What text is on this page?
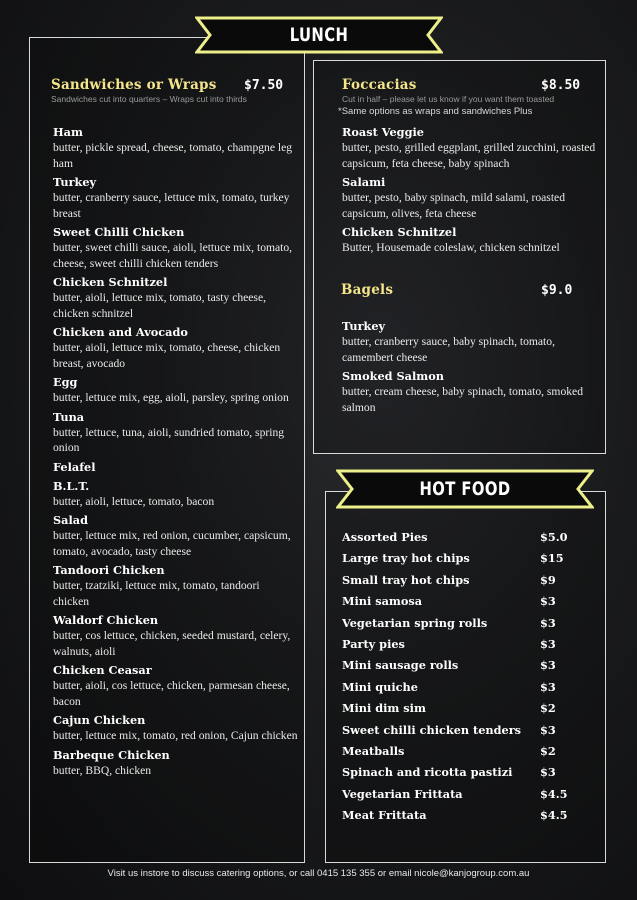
LUNCH
HOT FOOD
Sandwiches or Wraps $7.50
Sandwiches cut into quarters – Wraps cut into thirds
Ham
butter, pickle spread, cheese, tomato, champgne leg ham
Turkey
butter, cranberry sauce, lettuce mix, tomato, turkey breast
Sweet Chilli Chicken
butter, sweet chilli sauce, aioli, lettuce mix, tomato, cheese, sweet chilli chicken tenders
Chicken Schnitzel
butter, aioli, lettuce mix, tomato, tasty cheese, chicken schnitzel
Chicken and Avocado
butter, aioli, lettuce mix, tomato, cheese, chicken breast, avocado
Egg
butter, lettuce mix, egg, aioli, parsley, spring onion
Tuna
butter, lettuce, tuna, aioli, sundried tomato, spring onion
Felafel
B.L.T.
butter, aioli, lettuce, tomato, bacon
Salad
butter, lettuce mix, red onion, cucumber, capsicum, tomato, avocado, tasty cheese
Tandoori Chicken
butter, tzatziki, lettuce mix, tomato, tandoori chicken
Waldorf Chicken
butter, cos lettuce, chicken, seeded mustard, celery, walnuts, aioli
Chicken Ceasar
butter, aioli, cos lettuce, chicken, parmesan cheese, bacon
Cajun Chicken
butter, lettuce mix, tomato, red onion, Cajun chicken
Barbeque Chicken
butter, BBQ, chicken
Foccacias	$8.50
Cut in half – please let us know if you want them toasted
*Same options as wraps and sandwiches Plus
Roast Veggie
butter, pesto, grilled eggplant, grilled zucchini, roasted capsicum, feta cheese, baby spinach
Salami
butter, pesto, baby spinach, mild salami, roasted capsicum, olives, feta cheese
Chicken Schnitzel
Butter, Housemade coleslaw, chicken schnitzel
Bagels	$9.0
Turkey
butter, cranberry sauce, baby spinach, tomato, camembert cheese
Smoked Salmon
butter, cream cheese, baby spinach, tomato, smoked salmon
Assorted Pies	$5.0
Large tray hot chips	$15
Small tray hot chips	$9
Mini samosa	$3
Vegetarian spring rolls	$3
Party pies	$3
Mini sausage rolls	$3
Mini quiche	$3
Mini dim sim	$2
Sweet chilli chicken tenders $3
Meatballs	$2
Spinach and ricotta pastizi $3
Vegetarian Frittata	$4.5
Meat Frittata	$4.5
Visit us instore to discuss catering options, or call 0415 135 355 or email nicole@kanjogroup.com.au
